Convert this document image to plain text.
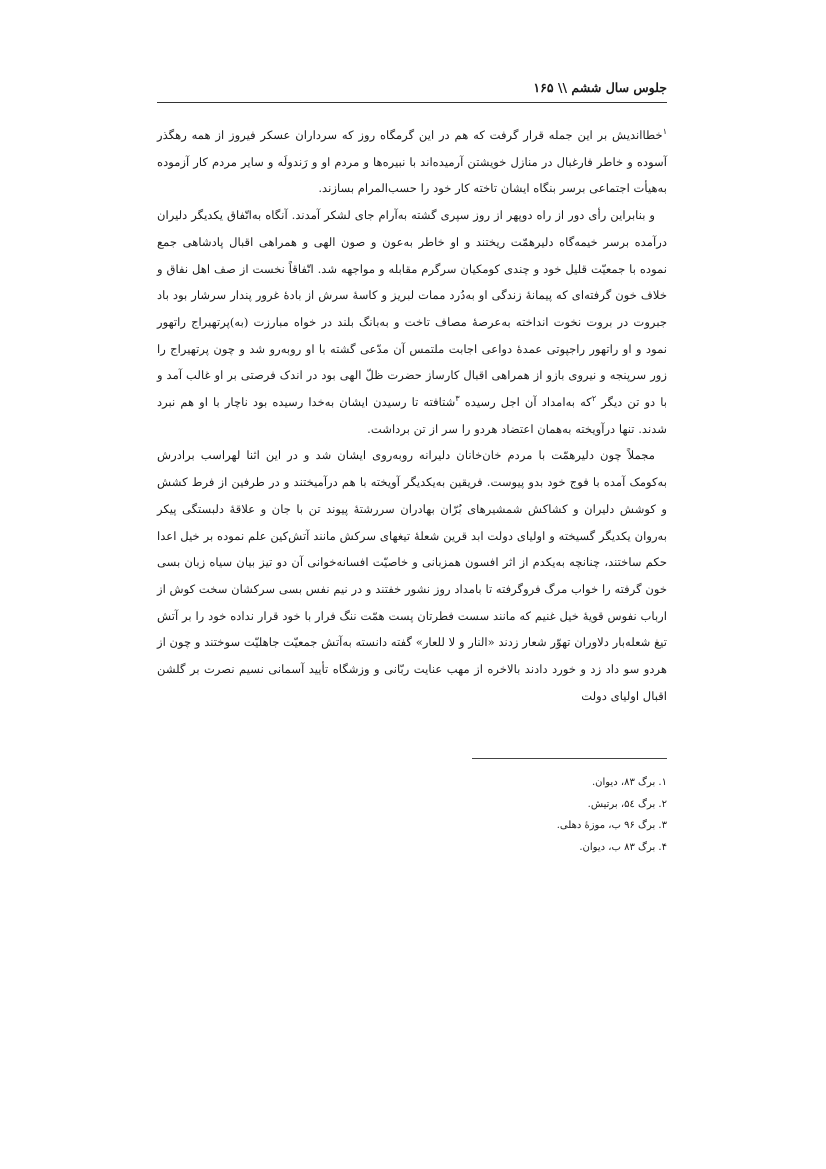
جلوس سال ششم \\ ۱۶۵

$^۱$خطااندیش بر این جمله قرار گرفت که هم در این گرمگاه روز که سرداران عسکر فیروز از همه رهگذر آسوده و خاطر فارغبال در منازل خویشتن آرمیده‌اند با نبیره‌ها و مردم او و رَندولَه و سایر مردم کار آزموده به‌هیأت اجتماعی برسر بنگاه ایشان تاخته کار خود را حسب‌المرام بسازند.

و بنابراین رأی دور از راه دوپهر از روز سپری گشته به‌آرام جای لشکر آمدند. آنگاه به‌اتّفاق یکدیگر دلیران درآمده برسر خیمه‌گاه دلیرهمّت ریختند و او خاطر به‌عون و صون الهی و همراهی اقبال پادشاهی جمع نموده با جمعیّت قلیل خود و چندی کومکیان سرگرم مقابله و مواجهه شد. اتّفاقاً نخست از صف اهل نفاق و خلاف خون گرفته‌ای که پیمانهٔ زندگی او به‌دُرد ممات لبریز و کاسهٔ سرش از بادهٔ غرور پندار سرشار بود باد جبروت در بروت نخوت انداخته به‌عرصهٔ مصاف تاخت و به‌بانگ بلند در خواه مبارزت (به)پرتهیراج راتهور نمود و او راتهور راجپوتی عمدهٔ دواعی اجابت ملتمس آن مدّعی گشته با او روبه‌رو شد و چون پرتهیراج را زور سرپنجه و نیروی بازو از همراهی اقبال کارساز حضرت ظلّ الهی بود در اندک فرصتی بر او غالب آمد و با دو تن دیگر $^۲$که به‌امداد آن اجل رسیده $^۳$شتافته تا رسیدن ایشان به‌خدا رسیده بود ناچار با او هم نبرد شدند. تنها درآویخته به‌همان اعتضاد هردو را سر از تن برداشت.

مجملاً چون دلیرهمّت با مردم خان‌خانان دلیرانه روبه‌روی ایشان شد و در این اثنا لهراسب برادرش به‌کومک آمده با فوج خود بدو پیوست. فریقین به‌یکدیگر آویخته با هم درآمیختند و در طرفین از فرط کشش و کوشش دلیران و کشاکش شمشیرهای بُرّان بهادران سررشتهٔ پیوند تن با جان و علاقهٔ دلبستگی پیکر به‌روان یکدیگر گسیخته و اولیای دولت ابد قرین شعلهٔ تیغهای سرکش مانند آتش‌کین علم نموده بر خیل اعدا حکم ساختند، چنانچه به‌یکدم از اثر افسون همزبانی و خاصیّت افسانه‌خوانی آن دو تیز بیان سیاه زبان بسی خون گرفته را خواب مرگ فروگرفته تا بامداد روز نشور خفتند و در نیم نفس بسی سرکشان سخت کوش از ارباب نفوس قویهٔ خیل غنیم که مانند سست فطرتان پست همّت ننگ فرار با خود قرار نداده خود را بر آتش تیغ شعله‌بار دلاوران تهوّر شعار زدند «النار و لا للعار» گفته دانسته به‌آتش جمعیّت جاهلیّت سوختند و چون از هردو سو داد زد و خورد دادند بالاخره از مهب عنایت ربّانی و وزشگاه تأیید آسمانی نسیم نصرت بر گلشن اقبال اولیای دولت

۱. برگ ۸۳، دیوان.
۲. برگ ۵٤، برتیش.
۳. برگ ۹۶ ب، موزهٔ دهلی.
۴. برگ ۸۳ ب، دیوان.
